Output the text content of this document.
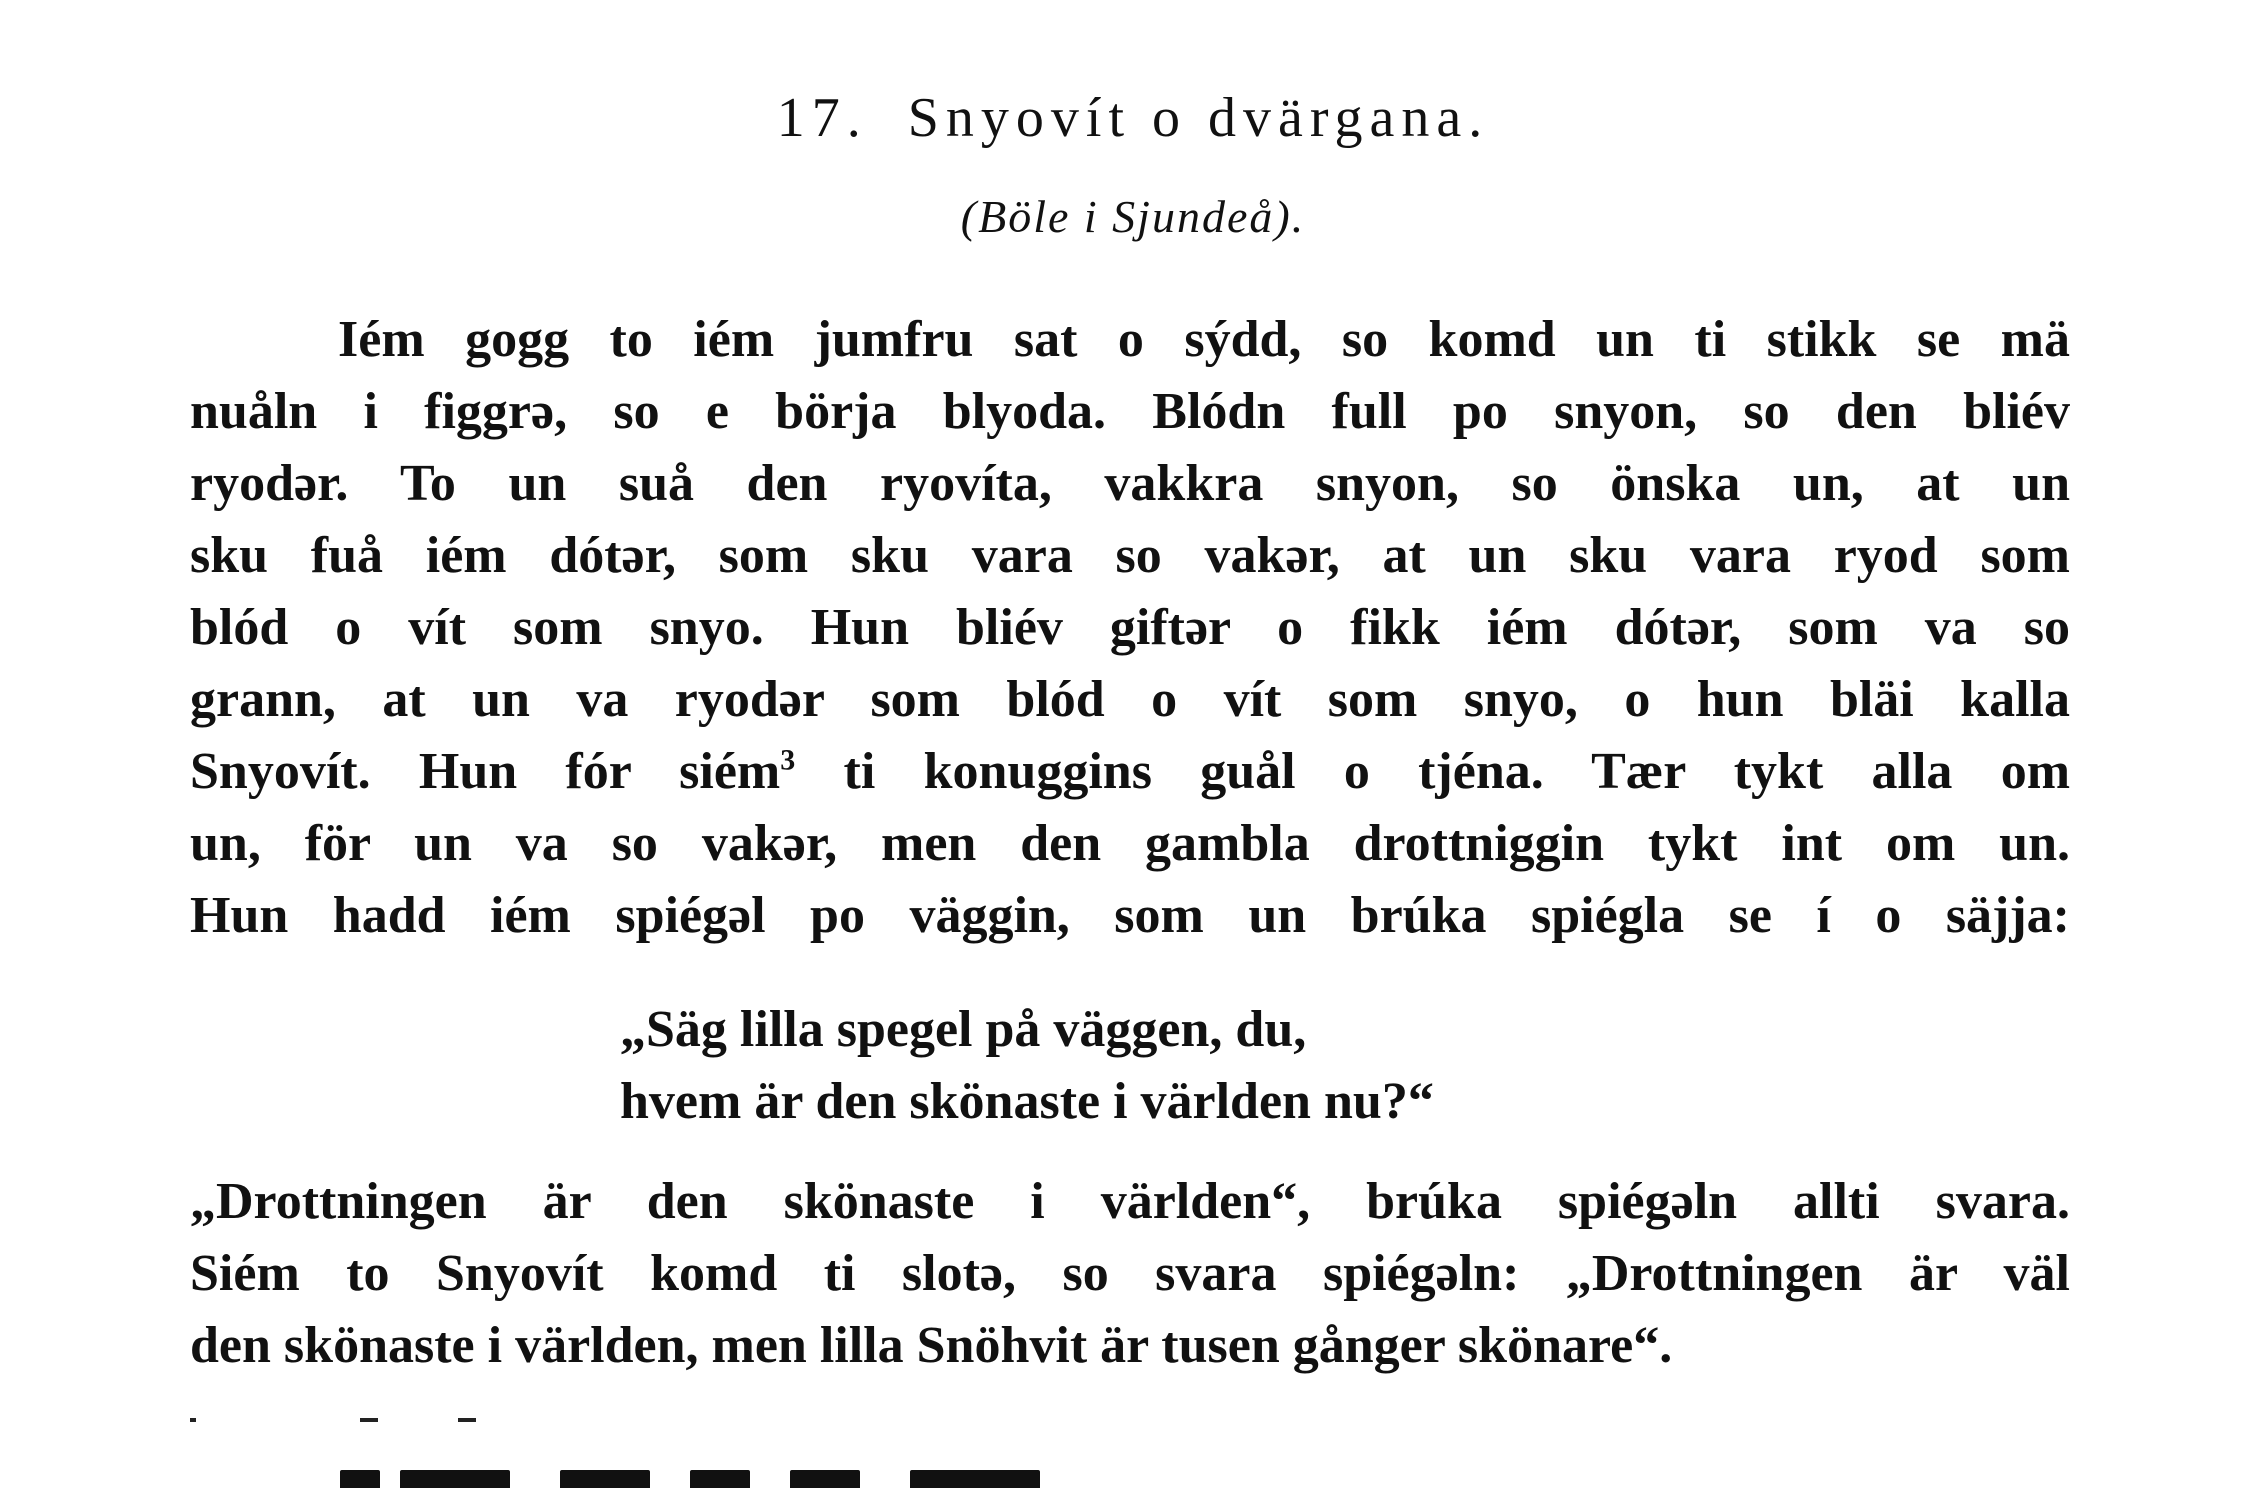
17. Snyovít o dvärgana.
(Böle i Sjundeå).
Iém gogg to iém jumfru sat o sýdd, so komd un ti stikk se mä
nuåln i figgrə, so e börja blyoda. Blódn full po snyon, so den bliév
ryodər. To un suå den ryovíta, vakkra snyon, so önska un, at un
sku fuå iém dótər, som sku vara so vakər, at un sku vara ryod som
blód o vít som snyo. Hun bliév giftər o fikk iém dótər, som va so
grann, at un va ryodər som blód o vít som snyo, o hun bläi kalla
Snyovít. Hun fór siém$^3$ ti konuggins guål o tjéna. Tær tykt alla om
un, för un va so vakər, men den gambla drottniggin tykt int om un.
Hun hadd iém spiégəl po väggin, som un brúka spiégla se í o säjja:
„Säg lilla spegel på väggen, du,
hvem är den skönaste i världen nu?“
„Drottningen är den skönaste i världen“, brúka spiégəln allti svara.
Siém to Snyovít komd ti slotə, so svara spiégəln: „Drottningen är väl
den skönaste i världen, men lilla Snöhvit är tusen gånger skönare“.
